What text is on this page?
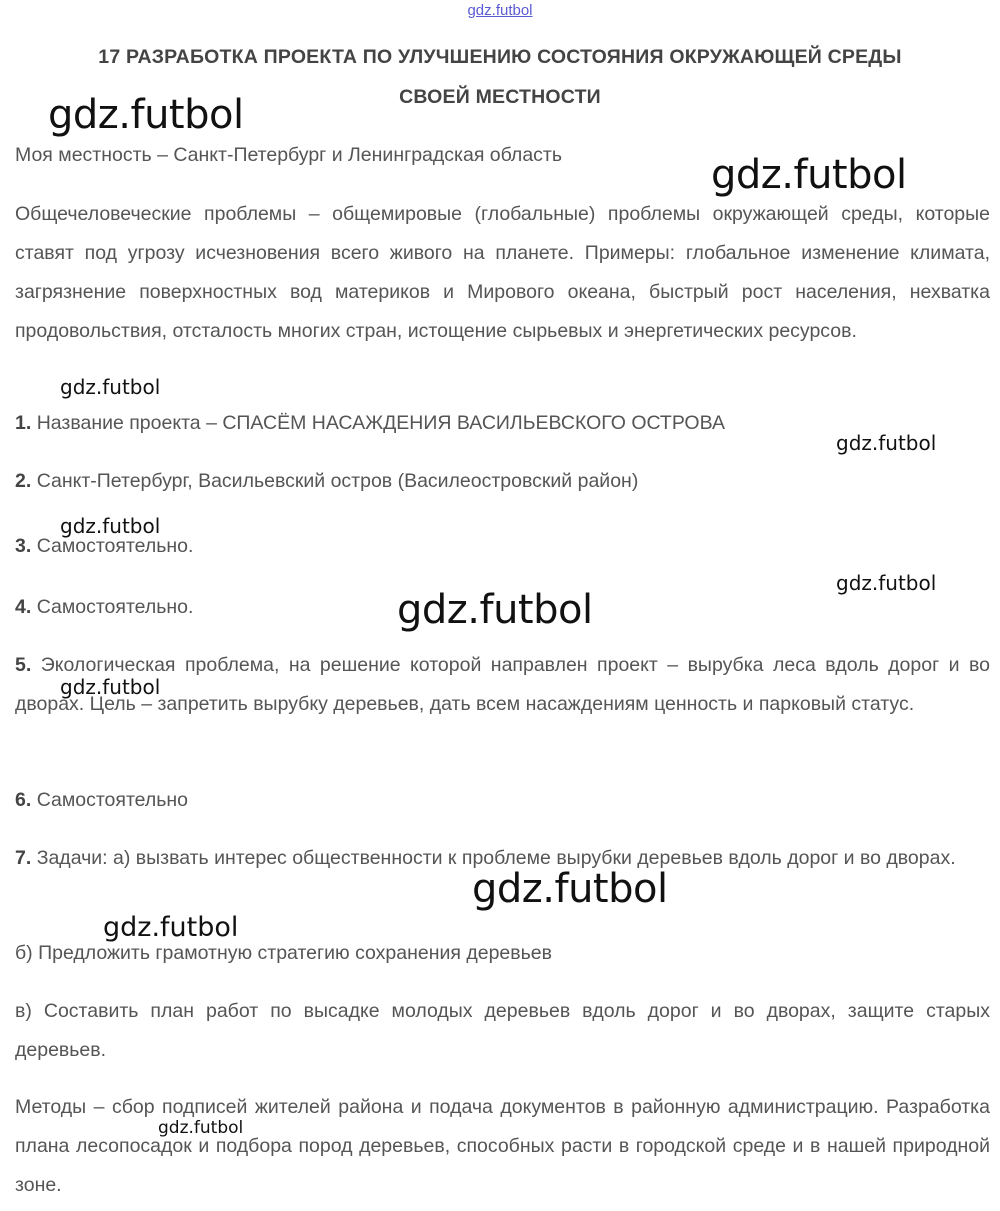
gdz.futbol
17 РАЗРАБОТКА ПРОЕКТА ПО УЛУЧШЕНИЮ СОСТОЯНИЯ ОКРУЖАЮЩЕЙ СРЕДЫ
СВОЕЙ МЕСТНОСТИ
Моя местность – Санкт-Петербург и Ленинградская область
Общечеловеческие проблемы – общемировые (глобальные) проблемы окружающей среды, которые ставят под угрозу исчезновения всего живого на планете. Примеры: глобальное изменение климата, загрязнение поверхностных вод материков и Мирового океана, быстрый рост населения, нехватка продовольствия, отсталость многих стран, истощение сырьевых и энергетических ресурсов.
1. Название проекта – СПАСЁМ НАСАЖДЕНИЯ ВАСИЛЬЕВСКОГО ОСТРОВА
2. Санкт-Петербург, Васильевский остров (Василеостровский район)
3. Самостоятельно.
4. Самостоятельно.
5. Экологическая проблема, на решение которой направлен проект – вырубка леса вдоль дорог и во дворах. Цель – запретить вырубку деревьев, дать всем насаждениям ценность и парковый статус.
6. Самостоятельно
7. Задачи: а) вызвать интерес общественности к проблеме вырубки деревьев вдоль дорог и во дворах.
б) Предложить грамотную стратегию сохранения деревьев
в) Составить план работ по высадке молодых деревьев вдоль дорог и во дворах, защите старых деревьев.
Методы – сбор подписей жителей района и подача документов в районную администрацию. Разработка плана лесопосадок и подбора пород деревьев, способных расти в городской среде и в нашей природной зоне.
gdz.futbol
gdz.futbol
gdz.futbol
gdz.futbol
gdz.futbol
gdz.futbol
gdz.futbol
gdz.futbol
gdz.futbol
gdz.futbol
gdz.futbol
